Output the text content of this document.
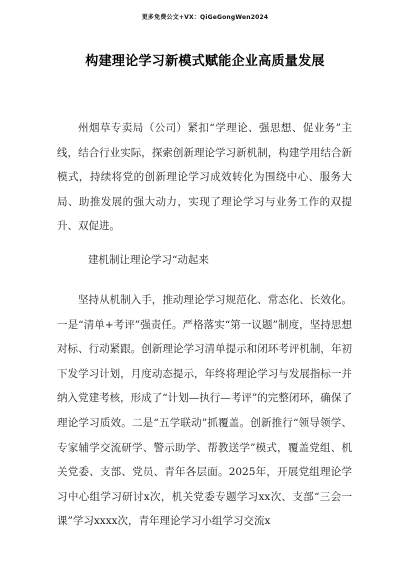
更多免费公文+VX：QiGeGongWen2024
构建理论学习新模式赋能企业高质量发展

州烟草专卖局（公司）紧扣“学理论、强思想、促业务”主线，结合行业实际，探索创新理论学习新机制，构建学用结合新模式，持续将党的创新理论学习成效转化为围绕中心、服务大局、助推发展的强大动力，实现了理论学习与业务工作的双提升、双促进。

建机制让理论学习“动起来

坚持从机制入手，推动理论学习规范化、常态化、长效化。一是“清单+考评”强责任。严格落实“第一议题”制度，坚持思想对标、行动紧跟。创新理论学习清单提示和闭环考评机制，年初下发学习计划，月度动态提示，年终将理论学习与发展指标一并纳入党建考核，形成了“计划—执行—考评”的完整闭环，确保了理论学习质效。二是“五学联动”抓覆盖。创新推行“领导领学、专家辅学交流研学、警示助学、帮教送学”模式，覆盖党组、机关党委、支部、党员、青年各层面。2025年，开展党组理论学习中心组学习研讨x次，机关党委专题学习xx次、支部“三会一课”学习xxxx次，青年理论学习小组学习交流x
